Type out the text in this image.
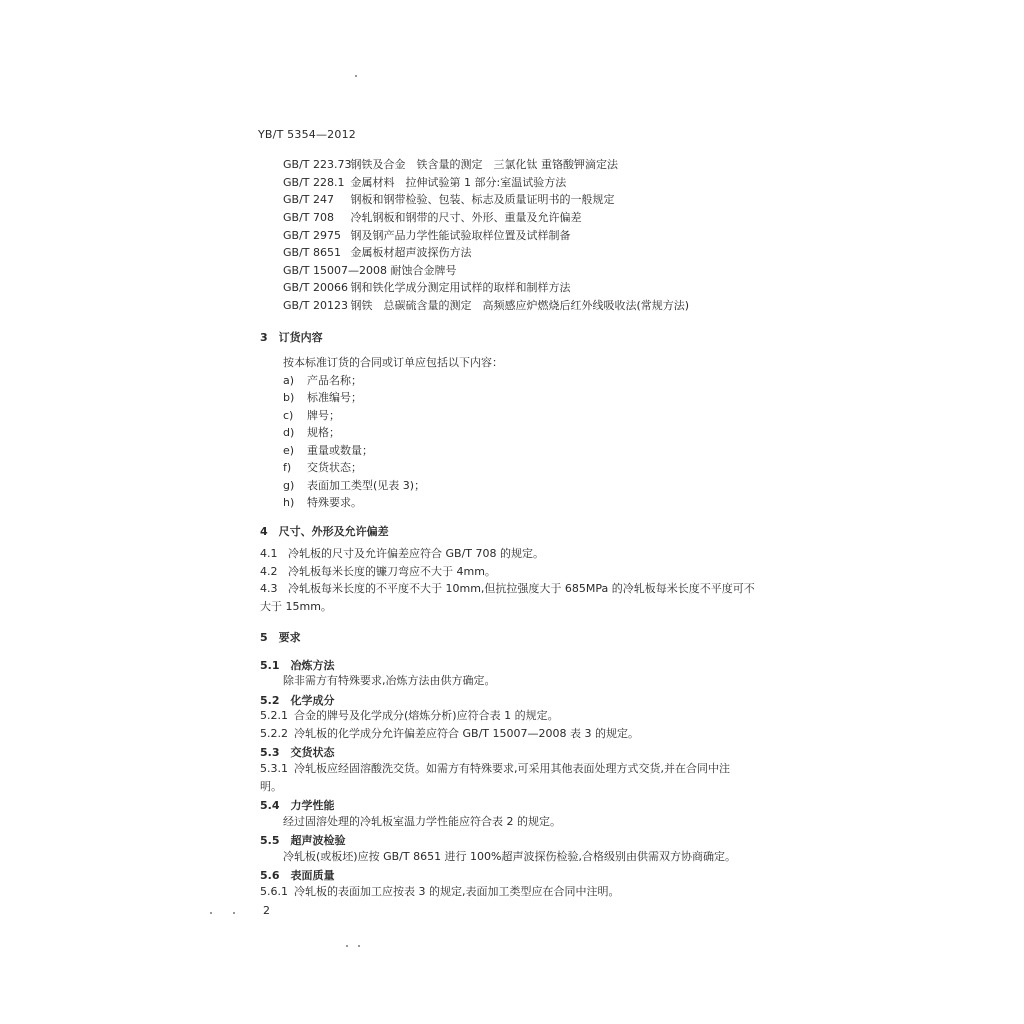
YB/T 5354—2012
GB/T 223.73 钢铁及合金　铁含量的测定　三氯化钛 重铬酸钾滴定法
GB/T 228.1 金属材料　拉伸试验第 1 部分:室温试验方法
GB/T 247 钢板和钢带检验、包装、标志及质量证明书的一般规定
GB/T 708 冷轧钢板和钢带的尺寸、外形、重量及允许偏差
GB/T 2975 钢及钢产品力学性能试验取样位置及试样制备
GB/T 8651 金属板材超声波探伤方法
GB/T 15007—2008 耐蚀合金牌号
GB/T 20066 钢和铁化学成分测定用试样的取样和制样方法
GB/T 20123 钢铁　总碳硫含量的测定　高频感应炉燃烧后红外线吸收法(常规方法)
3　订货内容
按本标准订货的合同或订单应包括以下内容：
a) 产品名称；
b) 标准编号；
c) 牌号；
d) 规格；
e) 重量或数量；
f) 交货状态；
g) 表面加工类型(见表 3)；
h) 特殊要求。
4　尺寸、外形及允许偏差
4.1 冷轧板的尺寸及允许偏差应符合 GB/T 708 的规定。
4.2 冷轧板每米长度的镰刀弯应不大于 4mm。
4.3 冷轧板每米长度的不平度不大于 10mm,但抗拉强度大于 685MPa 的冷轧板每米长度不平度可不
大于 15mm。
5　要求
5.1　冶炼方法
除非需方有特殊要求,冶炼方法由供方确定。
5.2　化学成分
5.2.1 合金的牌号及化学成分(熔炼分析)应符合表 1 的规定。
5.2.2 冷轧板的化学成分允许偏差应符合 GB/T 15007—2008 表 3 的规定。
5.3　交货状态
5.3.1 冷轧板应经固溶酸洗交货。如需方有特殊要求,可采用其他表面处理方式交货,并在合同中注
明。
5.4　力学性能
经过固溶处理的冷轧板室温力学性能应符合表 2 的规定。
5.5　超声波检验
冷轧板(或板坯)应按 GB/T 8651 进行 100%超声波探伤检验,合格级别由供需双方协商确定。
5.6　表面质量
5.6.1 冷轧板的表面加工应按表 3 的规定,表面加工类型应在合同中注明。
2
